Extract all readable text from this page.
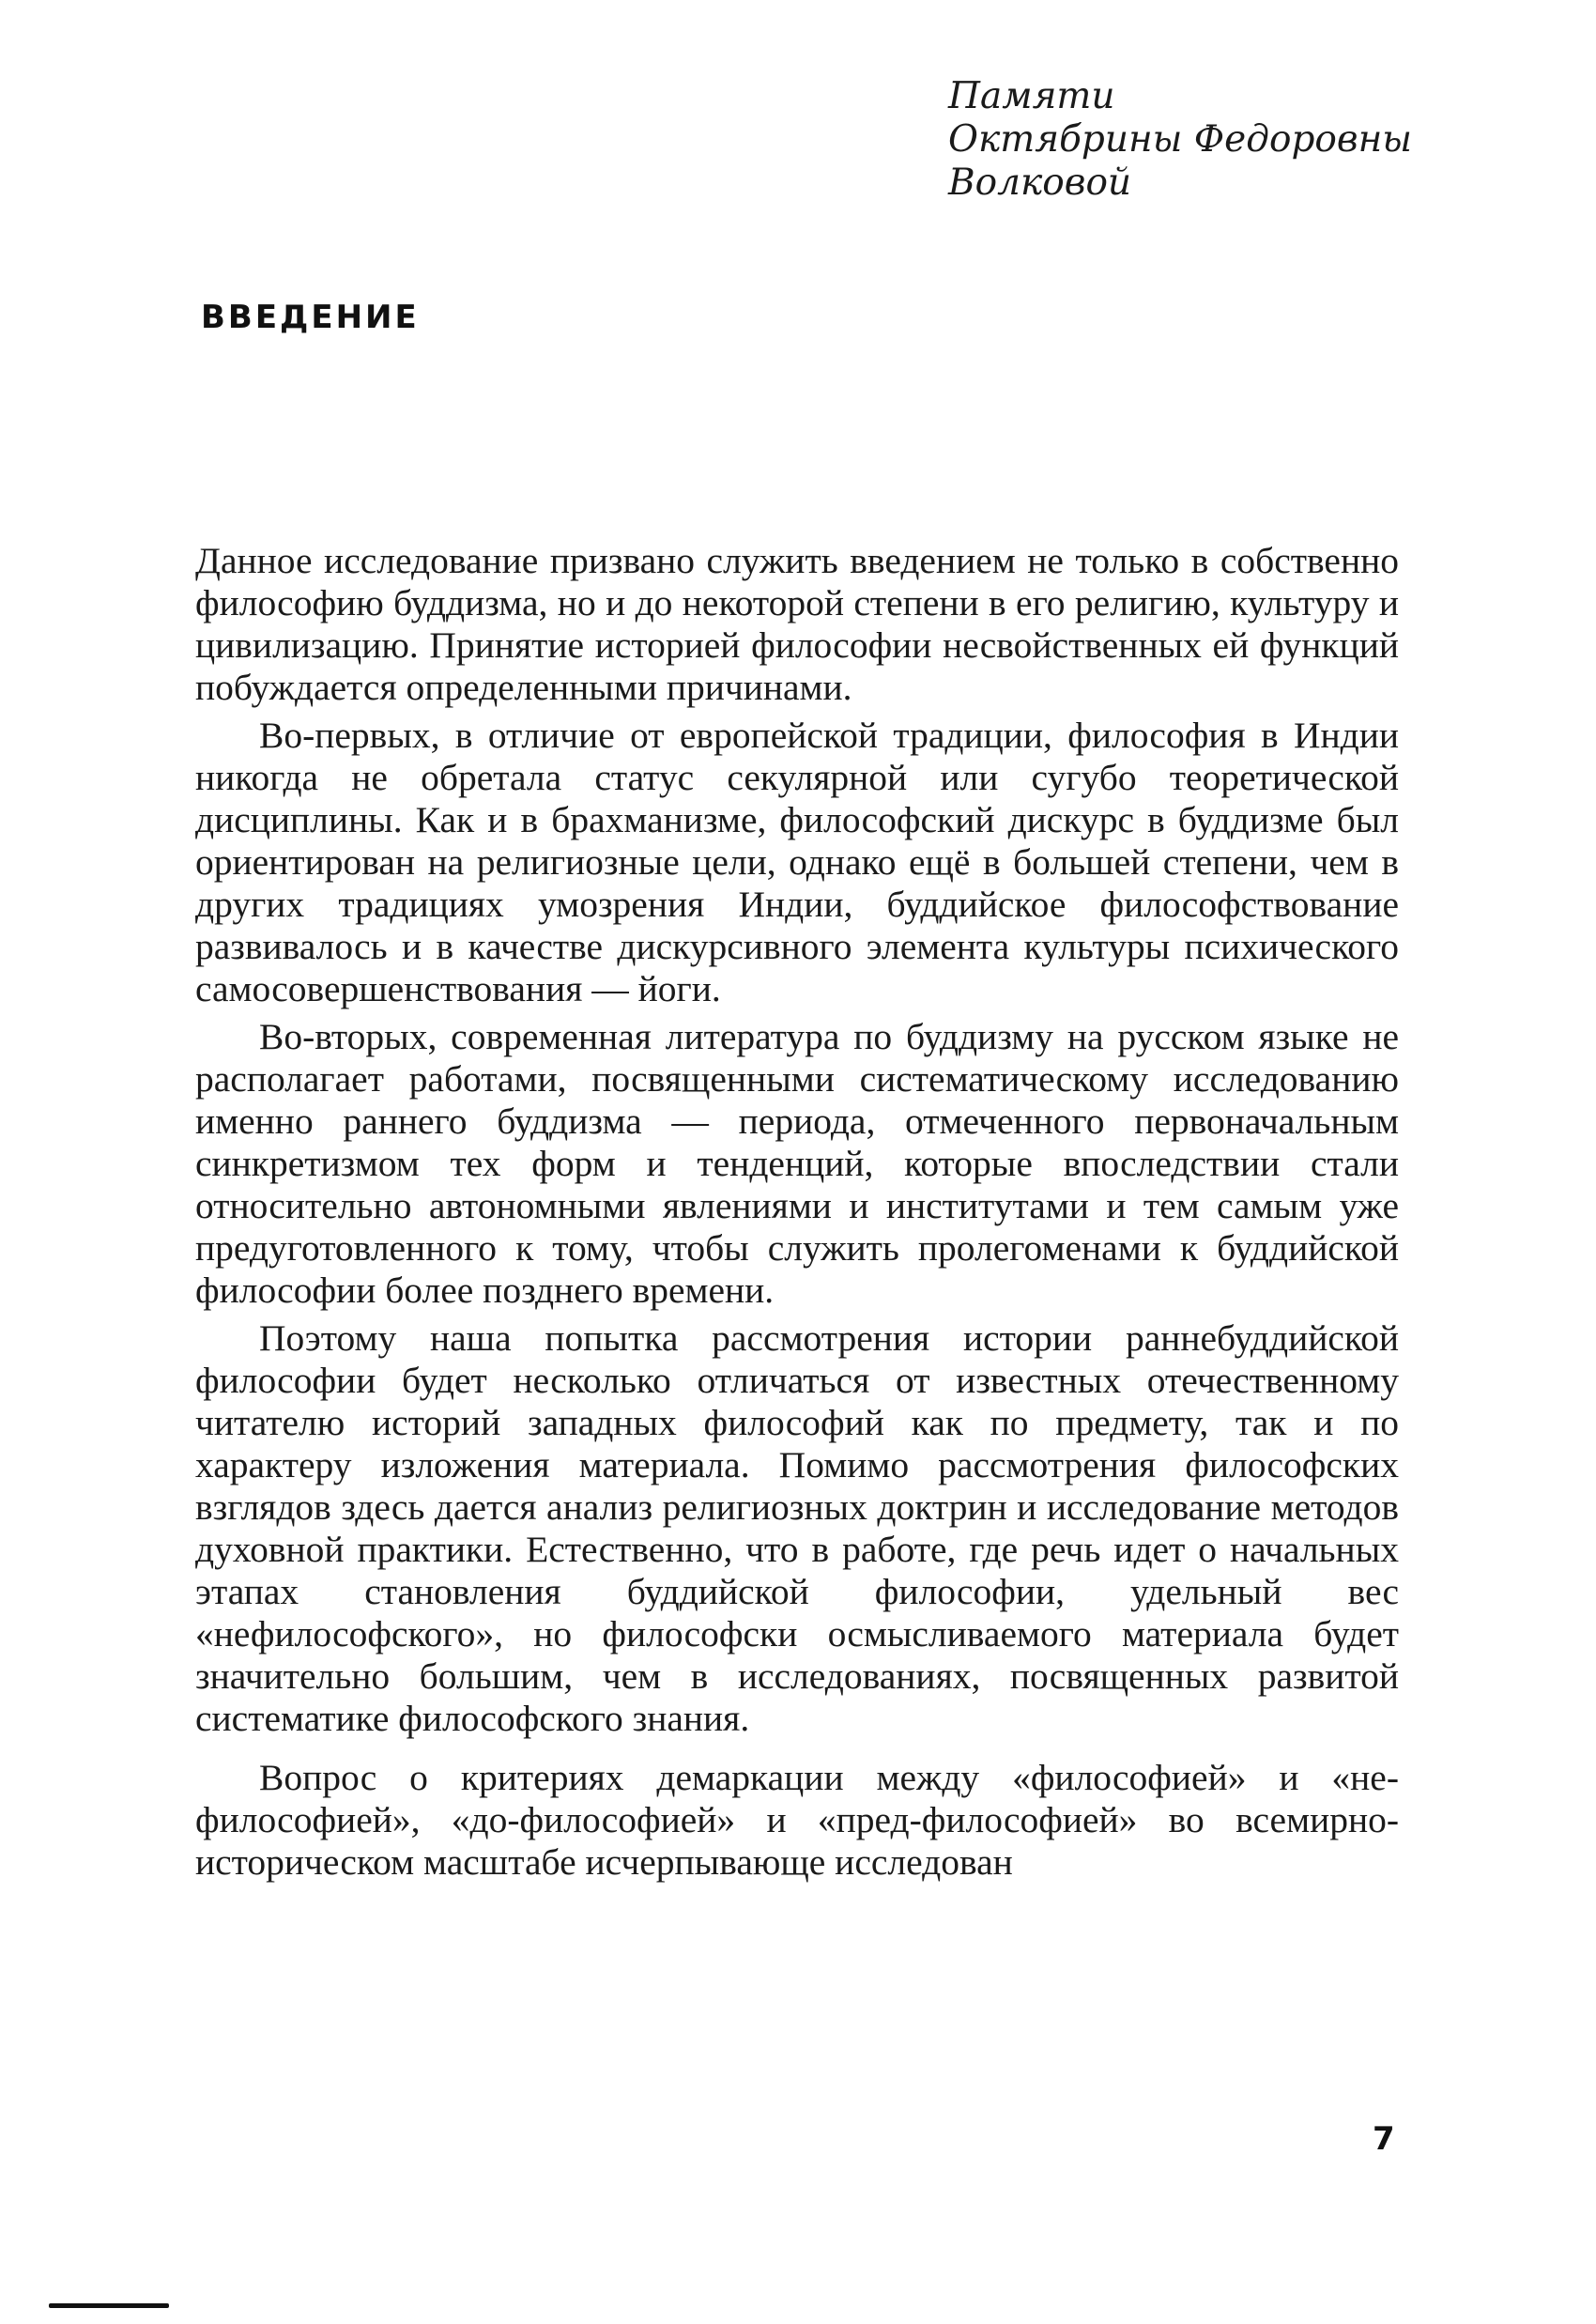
Памяти
Октябрины Федоровны
Волковой
ВВЕДЕНИЕ

Данное исследование призвано служить введением не только в собственно философию буддизма, но и до некоторой степени в его религию, культуру и цивилизацию. Принятие историей философии несвойственных ей функций побуждается определенными причинами.

Во-первых, в отличие от европейской традиции, философия в Индии никогда не обретала статус секулярной или сугубо теоретической дисциплины. Как и в брахманизме, философский дискурс в буддизме был ориентирован на религиозные цели, однако ещё в большей степени, чем в других традициях умозрения Индии, буддийское философствование развивалось и в качестве дискурсивного элемента культуры психического самосовершенствования — йоги.

Во-вторых, современная литература по буддизму на русском языке не располагает работами, посвященными систематическому исследованию именно раннего буддизма — периода, отмеченного первоначальным синкретизмом тех форм и тенденций, которые впоследствии стали относительно автономными явлениями и институтами и тем самым уже предуготовленного к тому, чтобы служить пролегоменами к буддийской философии более позднего времени.

Поэтому наша попытка рассмотрения истории раннебуддийской философии будет несколько отличаться от известных отечественному читателю историй западных философий как по предмету, так и по характеру изложения материала. Помимо рассмотрения философских взглядов здесь дается анализ религиозных доктрин и исследование методов духовной практики. Естественно, что в работе, где речь идет о начальных этапах становления буддийской философии, удельный вес «нефилософского», но философски осмысливаемого материала будет значительно большим, чем в исследованиях, посвященных развитой систематике философского знания.

Вопрос о критериях демаркации между «философией» и «не-философией», «до-философией» и «пред-философией» во всемирно-историческом масштабе исчерпывающе исследован

7
